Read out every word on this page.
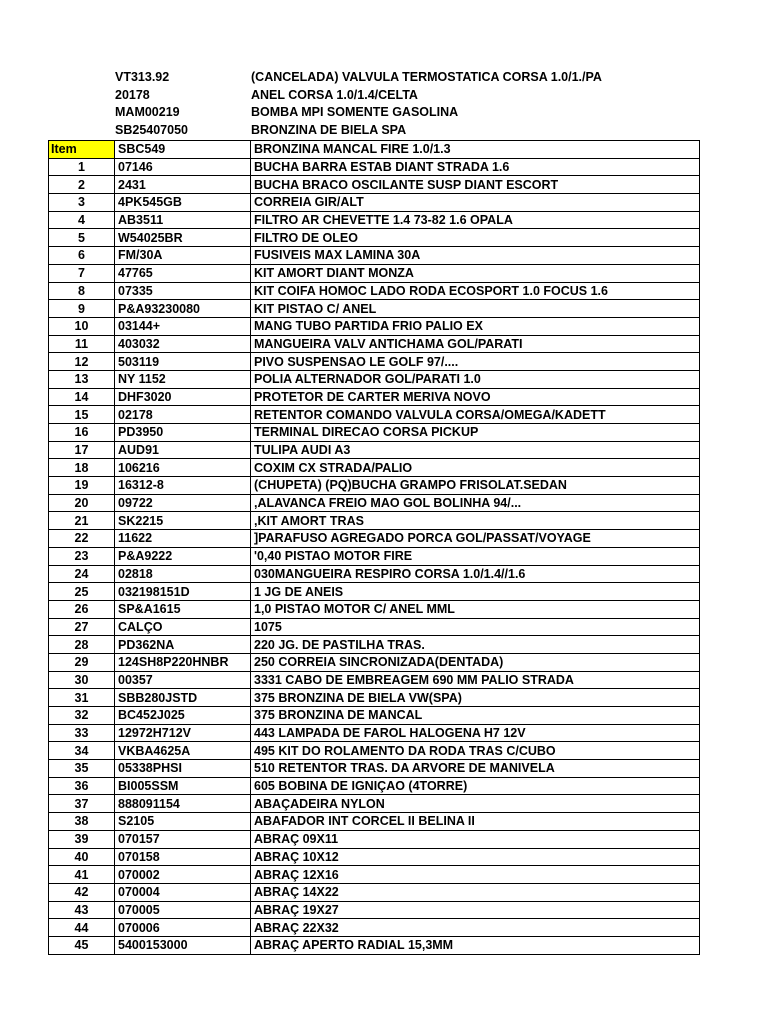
VT313.92	(CANCELADA) VALVULA TERMOSTATICA CORSA 1.0/1./PA
20178	ANEL CORSA 1.0/1.4/CELTA
MAM00219	BOMBA MPI SOMENTE GASOLINA
SB25407050	BRONZINA DE BIELA SPA
Item	SBC549	BRONZINA MANCAL FIRE 1.0/1.3
1	07146	BUCHA BARRA ESTAB DIANT STRADA 1.6
2	2431	BUCHA BRACO OSCILANTE SUSP DIANT ESCORT
3	4PK545GB	CORREIA GIR/ALT
4	AB3511	FILTRO AR CHEVETTE 1.4 73-82 1.6 OPALA
5	W54025BR	FILTRO DE OLEO
6	FM/30A	FUSIVEIS MAX LAMINA 30A
7	47765	KIT AMORT DIANT MONZA
8	07335	KIT COIFA HOMOC LADO RODA ECOSPORT 1.0 FOCUS 1.6
9	P&A93230080	KIT PISTAO C/ ANEL
10	03144+	MANG TUBO PARTIDA FRIO PALIO EX
11	403032	MANGUEIRA VALV ANTICHAMA GOL/PARATI
12	503119	PIVO SUSPENSAO LE GOLF 97/....
13	NY 1152	POLIA ALTERNADOR GOL/PARATI 1.0
14	DHF3020	PROTETOR DE CARTER MERIVA NOVO
15	02178	RETENTOR COMANDO VALVULA CORSA/OMEGA/KADETT
16	PD3950	TERMINAL DIRECAO CORSA PICKUP
17	AUD91	TULIPA AUDI A3
18	106216	COXIM CX STRADA/PALIO
19	16312-8	(CHUPETA) (PQ)BUCHA GRAMPO FRISOLAT.SEDAN
20	09722	,ALAVANCA FREIO MAO GOL BOLINHA 94/...
21	SK2215	,KIT AMORT TRAS
22	11622	]PARAFUSO AGREGADO PORCA GOL/PASSAT/VOYAGE
23	P&A9222	'0,40 PISTAO MOTOR FIRE
24	02818	030MANGUEIRA RESPIRO CORSA 1.0/1.4//1.6
25	032198151D	1 JG DE ANEIS
26	SP&A1615	1,0 PISTAO MOTOR C/ ANEL MML
27	CALÇO	1075
28	PD362NA	220 JG. DE PASTILHA TRAS.
29	124SH8P220HNBR	250 CORREIA SINCRONIZADA(DENTADA)
30	00357	3331 CABO DE EMBREAGEM 690 MM PALIO STRADA
31	SBB280JSTD	375 BRONZINA DE BIELA VW(SPA)
32	BC452J025	375 BRONZINA DE MANCAL
33	12972H712V	443 LAMPADA DE FAROL HALOGENA H7 12V
34	VKBA4625A	495 KIT DO ROLAMENTO DA RODA TRAS C/CUBO
35	05338PHSI	510 RETENTOR TRAS. DA ARVORE DE MANIVELA
36	BI005SSM	605 BOBINA DE IGNIÇAO (4TORRE)
37	888091154	ABAÇADEIRA NYLON
38	S2105	ABAFADOR INT CORCEL II BELINA II
39	070157	ABRAÇ 09X11
40	070158	ABRAÇ 10X12
41	070002	ABRAÇ 12X16
42	070004	ABRAÇ 14X22
43	070005	ABRAÇ 19X27
44	070006	ABRAÇ 22X32
45	5400153000	ABRAÇ APERTO RADIAL 15,3MM
